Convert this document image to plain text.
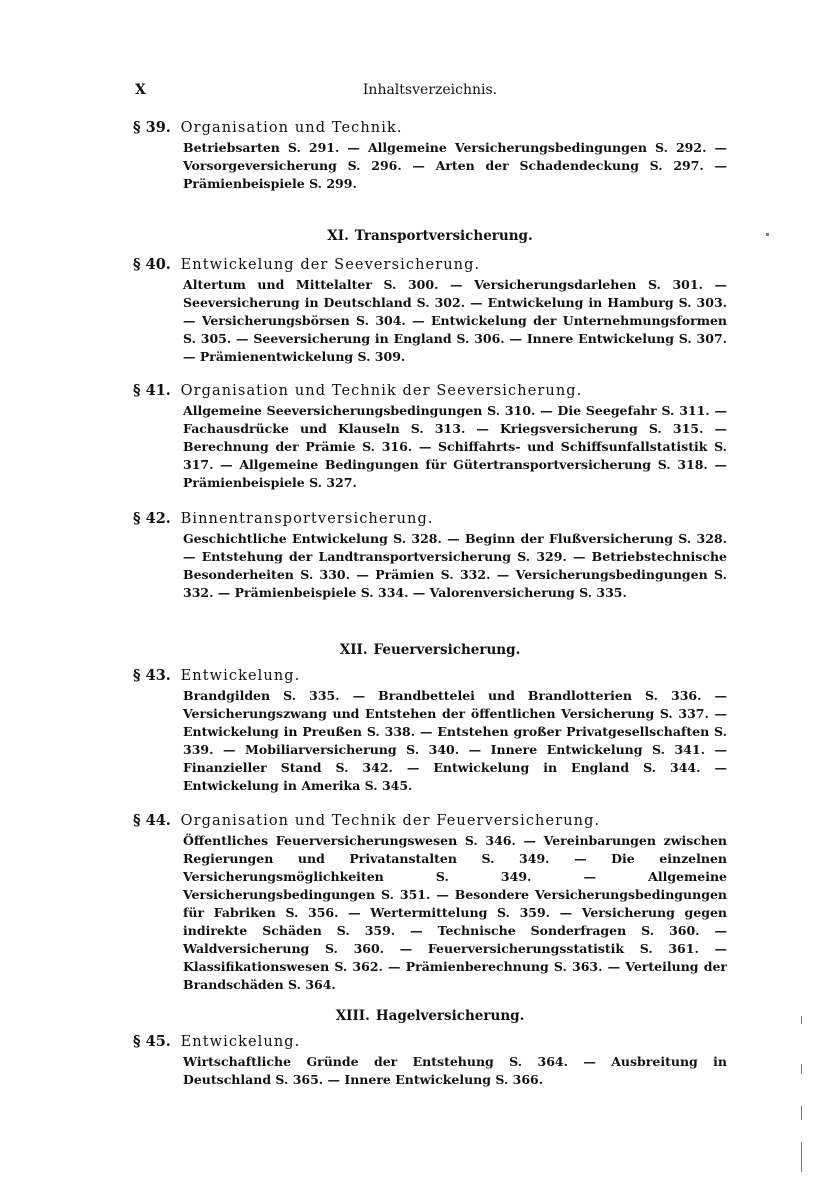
X	Inhaltsverzeichnis.
§ 39. Organisation und Technik.
Betriebsarten S. 291. — Allgemeine Versicherungsbedingungen S. 292. — Vorsorgeversicherung S. 296. — Arten der Schadendeckung S. 297. — Prämienbeispiele S. 299.
XI. Transportversicherung.
§ 40. Entwickelung der Seeversicherung.
Altertum und Mittelalter S. 300. — Versicherungsdarlehen S. 301. — Seeversicherung in Deutschland S. 302. — Entwickelung in Hamburg S. 303. — Versicherungsbörsen S. 304. — Entwickelung der Unternehmungsformen S. 305. — Seeversicherung in England S. 306. — Innere Entwickelung S. 307. — Prämienentwickelung S. 309.
§ 41. Organisation und Technik der Seeversicherung.
Allgemeine Seeversicherungsbedingungen S. 310. — Die Seegefahr S. 311. — Fachausdrücke und Klauseln S. 313. — Kriegsversicherung S. 315. — Berechnung der Prämie S. 316. — Schiffahrts- und Schiffsunfallstatistik S. 317. — Allgemeine Bedingungen für Gütertransportversicherung S. 318. — Prämienbeispiele S. 327.
§ 42. Binnentransportversicherung.
Geschichtliche Entwickelung S. 328. — Beginn der Flußversicherung S. 328. — Entstehung der Landtransportversicherung S. 329. — Betriebstechnische Besonderheiten S. 330. — Prämien S. 332. — Versicherungsbedingungen S. 332. — Prämienbeispiele S. 334. — Valorenversicherung S. 335.
XII. Feuerversicherung.
§ 43. Entwickelung.
Brandgilden S. 335. — Brandbettelei und Brandlotterien S. 336. — Versicherungszwang und Entstehen der öffentlichen Versicherung S. 337. — Entwickelung in Preußen S. 338. — Entstehen großer Privatgesellschaften S. 339. — Mobiliarversicherung S. 340. — Innere Entwickelung S. 341. — Finanzieller Stand S. 342. — Entwickelung in England S. 344. — Entwickelung in Amerika S. 345.
§ 44. Organisation und Technik der Feuerversicherung.
Öffentliches Feuerversicherungswesen S. 346. — Vereinbarungen zwischen Regierungen und Privatanstalten S. 349. — Die einzelnen Versicherungsmöglichkeiten S. 349. — Allgemeine Versicherungsbedingungen S. 351. — Besondere Versicherungsbedingungen für Fabriken S. 356. — Wertermittelung S. 359. — Versicherung gegen indirekte Schäden S. 359. — Technische Sonderfragen S. 360. — Waldversicherung S. 360. — Feuerversicherungsstatistik S. 361. — Klassifikationswesen S. 362. — Prämienberechnung S. 363. — Verteilung der Brandschäden S. 364.
XIII. Hagelversicherung.
§ 45. Entwickelung.
Wirtschaftliche Gründe der Entstehung S. 364. — Ausbreitung in Deutschland S. 365. — Innere Entwickelung S. 366.
